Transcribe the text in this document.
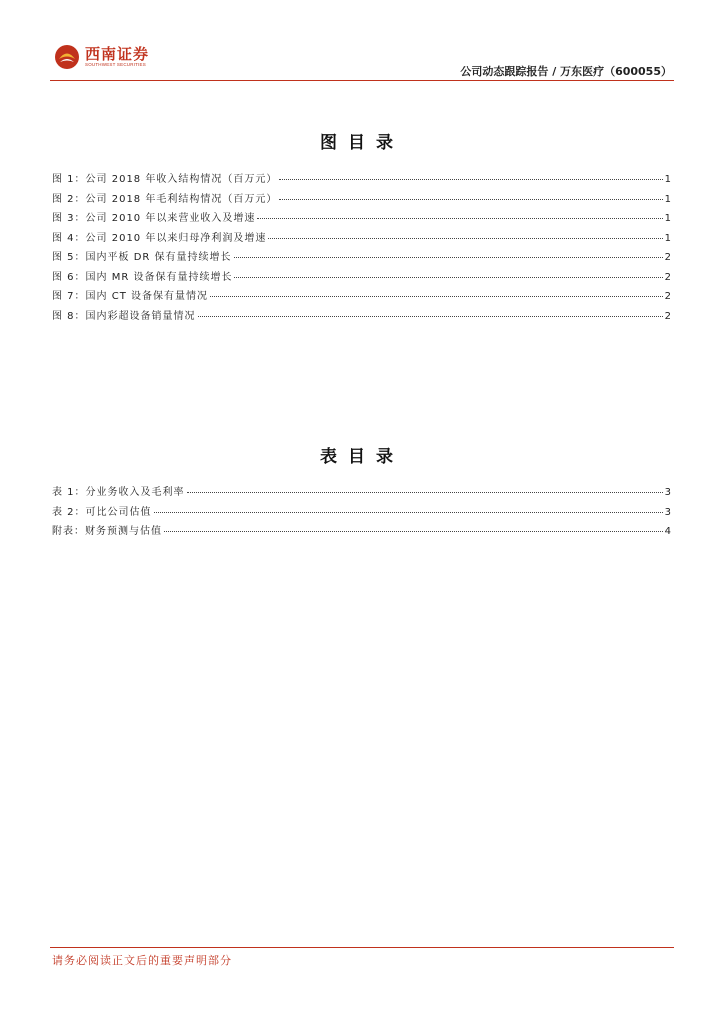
西南证券
SOUTHWEST SECURITIES
公司动态跟踪报告 / 万东医疗（600055）
图目录
图 1：公司 2018 年收入结构情况（百万元）	1
图 2：公司 2018 年毛利结构情况（百万元）	1
图 3：公司 2010 年以来营业收入及增速	1
图 4：公司 2010 年以来归母净利润及增速	1
图 5：国内平板 DR 保有量持续增长	2
图 6：国内 MR 设备保有量持续增长	2
图 7：国内 CT 设备保有量情况	2
图 8：国内彩超设备销量情况	2
表目录
表 1：分业务收入及毛利率	3
表 2：可比公司估值	3
附表：财务预测与估值	4
请务必阅读正文后的重要声明部分
